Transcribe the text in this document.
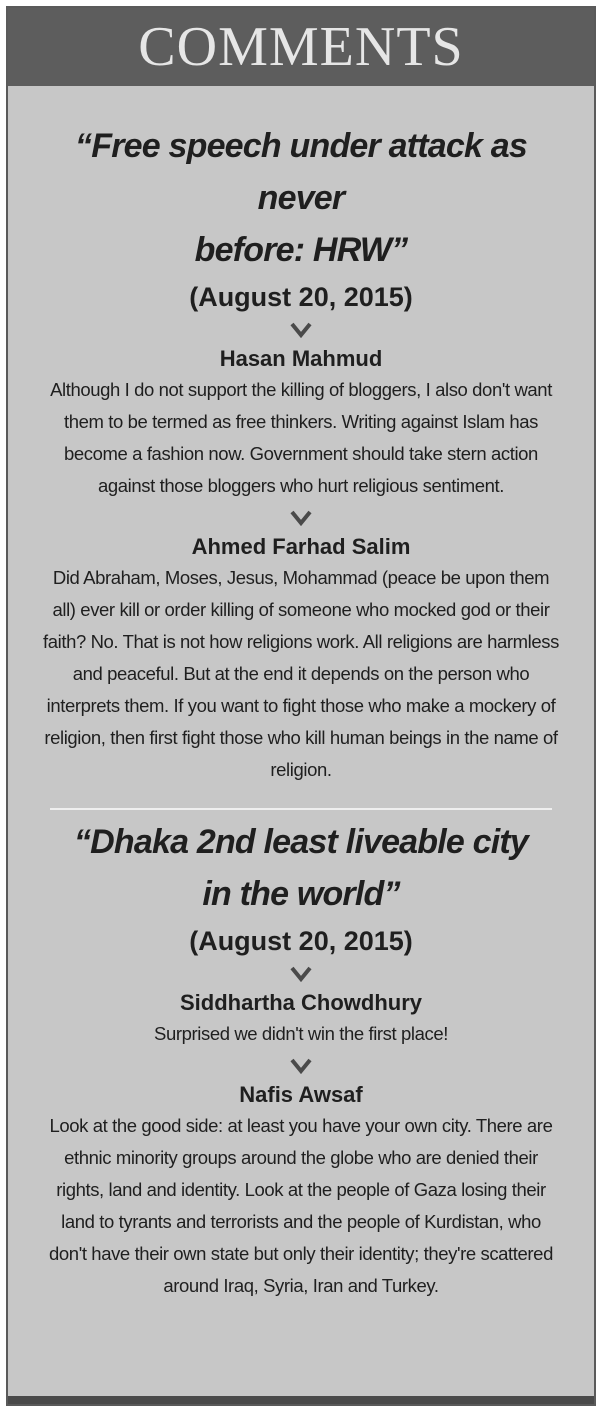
COMMENTS
“Free speech under attack as never
before: HRW”
(August 20, 2015)
Hasan Mahmud
Although I do not support the killing of bloggers, I also don't want them to be termed as free thinkers. Writing against Islam has become a fashion now. Government should take stern action against those bloggers who hurt religious sentiment.
Ahmed Farhad Salim
Did Abraham, Moses, Jesus, Mohammad (peace be upon them all) ever kill or order killing of someone who mocked god or their faith? No. That is not how religions work. All religions are harmless and peaceful. But at the end it depends on the person who interprets them. If you want to fight those who make a mockery of religion, then first fight those who kill human beings in the name of religion.
“Dhaka 2nd least liveable city
in the world”
(August 20, 2015)
Siddhartha Chowdhury
Surprised we didn't win the first place!
Nafis Awsaf
Look at the good side: at least you have your own city. There are ethnic minority groups around the globe who are denied their rights, land and identity. Look at the people of Gaza losing their land to tyrants and terrorists and the people of Kurdistan, who don't have their own state but only their identity; they're scattered around Iraq, Syria, Iran and Turkey.
